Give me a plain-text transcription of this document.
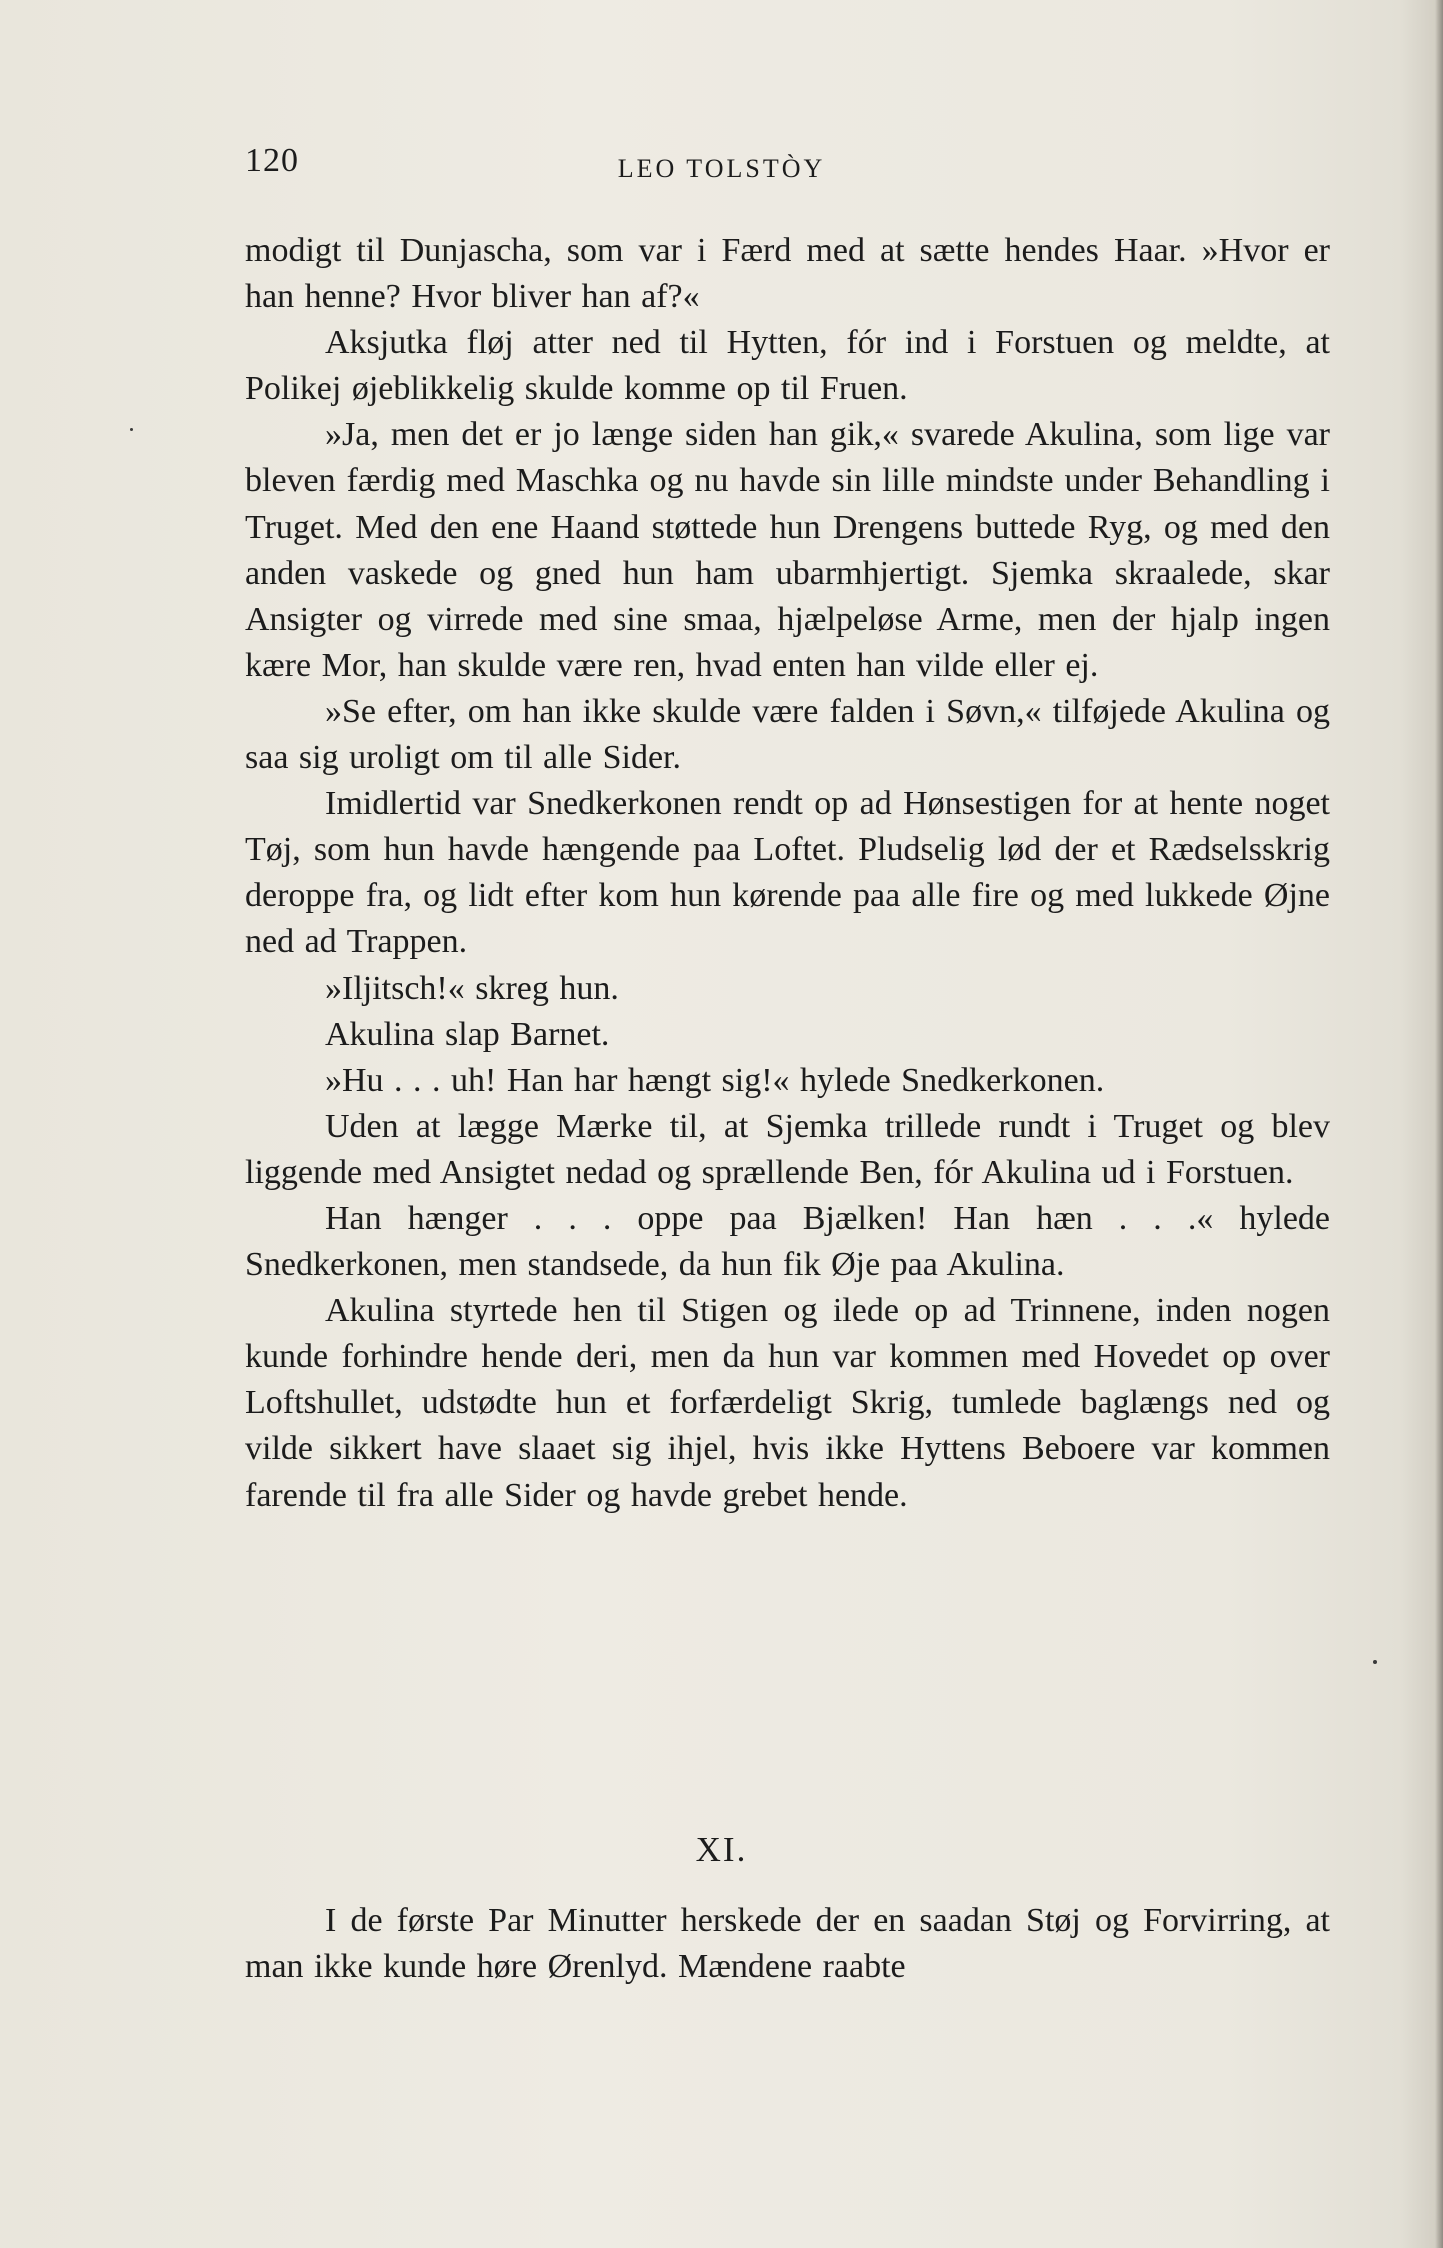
120	LEO TOLSTÒY

modigt til Dunjascha, som var i Færd med at sætte hendes Haar. »Hvor er han henne? Hvor bliver han af?«

Aksjutka fløj atter ned til Hytten, fór ind i Forstuen og meldte, at Polikej øjeblikkelig skulde komme op til Fruen.

»Ja, men det er jo længe siden han gik,« svarede Akulina, som lige var bleven færdig med Maschka og nu havde sin lille mindste under Behandling i Truget. Med den ene Haand støttede hun Drengens buttede Ryg, og med den anden vaskede og gned hun ham ubarmhjertigt. Sjemka skraalede, skar Ansigter og virrede med sine smaa, hjælpeløse Arme, men der hjalp ingen kære Mor, han skulde være ren, hvad enten han vilde eller ej.

»Se efter, om han ikke skulde være falden i Søvn,« tilføjede Akulina og saa sig uroligt om til alle Sider.

Imidlertid var Snedkerkonen rendt op ad Hønsestigen for at hente noget Tøj, som hun havde hængende paa Loftet. Pludselig lød der et Rædselsskrig deroppe fra, og lidt efter kom hun kørende paa alle fire og med lukkede Øjne ned ad Trappen.

»Iljitsch!« skreg hun.

Akulina slap Barnet.

»Hu . . . uh! Han har hængt sig!« hylede Snedkerkonen.

Uden at lægge Mærke til, at Sjemka trillede rundt i Truget og blev liggende med Ansigtet nedad og sprællende Ben, fór Akulina ud i Forstuen.

Han hænger . . . oppe paa Bjælken! Han hæn . . .« hylede Snedkerkonen, men standsede, da hun fik Øje paa Akulina.

Akulina styrtede hen til Stigen og ilede op ad Trinnene, inden nogen kunde forhindre hende deri, men da hun var kommen med Hovedet op over Loftshullet, udstødte hun et forfærdeligt Skrig, tumlede baglængs ned og vilde sikkert have slaaet sig ihjel, hvis ikke Hyttens Beboere var kommen farende til fra alle Sider og havde grebet hende.

XI.

I de første Par Minutter herskede der en saadan Støj og Forvirring, at man ikke kunde høre Ørenlyd. Mændene raabte
